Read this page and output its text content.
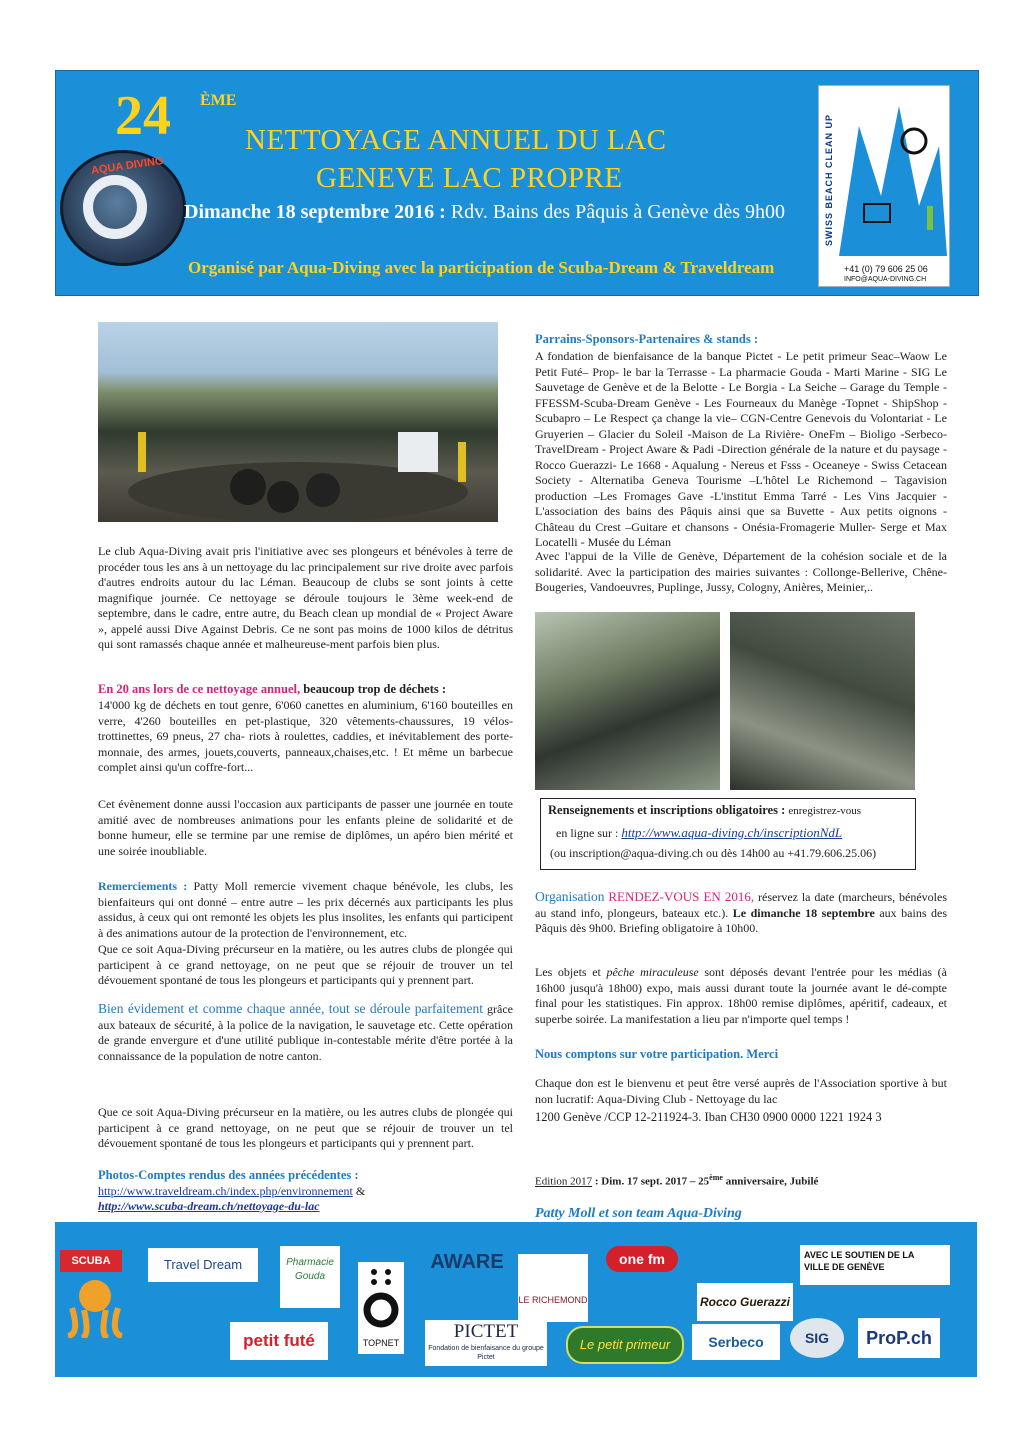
AQUA DIVING
24 ÈME
NETTOYAGE ANNUEL DU LAC
GENEVE LAC PROPRE
Dimanche 18 septembre 2016 : Rdv. Bains des Pâquis à Genève dès 9h00
Organisé par Aqua-Diving avec la participation de Scuba-Dream & Traveldream
SWISS BEACH CLEAN UP
+41 (0) 79 606 25 06
INFO@AQUA-DIVING.CH
Le club Aqua-Diving avait pris l'initiative avec ses plongeurs et bénévoles à terre de procéder tous les ans à un nettoyage du lac principalement sur rive droite avec parfois d'autres endroits autour du lac Léman. Beaucoup de clubs se sont joints à cette magnifique journée. Ce nettoyage se déroule toujours le 3ème week-end de septembre, dans le cadre, entre autre, du Beach clean up mondial de « Project Aware », appelé aussi Dive Against Debris. Ce ne sont pas moins de 1000 kilos de détritus qui sont ramassés chaque année et malheureuse-ment parfois bien plus.
En 20 ans lors de ce nettoyage annuel, beaucoup trop de déchets :
14'000 kg de déchets en tout genre, 6'060 canettes en aluminium, 6'160 bouteilles en verre, 4'260 bouteilles en pet-plastique, 320 vêtements-chaussures, 19 vélos-trottinettes, 69 pneus, 27 cha- riots à roulettes, caddies, et inévitablement des porte-monnaie, des armes, jouets,couverts, panneaux,chaises,etc. ! Et même un barbecue complet ainsi qu'un coffre-fort...
Cet évènement donne aussi l'occasion aux participants de passer une journée en toute amitié avec de nombreuses animations pour les enfants pleine de solidarité et de bonne humeur, elle se termine par une remise de diplômes, un apéro bien mérité et une soirée inoubliable.
Remerciements : Patty Moll remercie vivement chaque bénévole, les clubs, les bienfaiteurs qui ont donné – entre autre – les prix décernés aux participants les plus assidus, à ceux qui ont remonté les objets les plus insolites, les enfants qui participent à des animations autour de la protection de l'environnement, etc.
Que ce soit Aqua-Diving précurseur en la matière, ou les autres clubs de plongée qui participent à ce grand nettoyage, on ne peut que se réjouir de trouver un tel dévouement spontané de tous les plongeurs et participants qui y prennent part.
Bien évidement et comme chaque année, tout se déroule parfaitement grâce aux bateaux de sécurité, à la police de la navigation, le sauvetage etc. Cette opération de grande envergure et d'une utilité publique in-contestable mérite d'être portée à la connaissance de la population de notre canton.
Que ce soit Aqua-Diving précurseur en la matière, ou les autres clubs de plongée qui participent à ce grand nettoyage, on ne peut que se réjouir de trouver un tel dévouement spontané de tous les plongeurs et participants qui y prennent part.
Photos-Comptes rendus des années précédentes :
http://www.traveldream.ch/index.php/environnement &
http://www.scuba-dream.ch/nettoyage-du-lac
Parrains-Sponsors-Partenaires & stands :
A fondation de bienfaisance de la banque Pictet - Le petit primeur Seac–Waow Le Petit Futé– Prop- le bar la Terrasse - La pharmacie Gouda - Marti Marine - SIG Le Sauvetage de Genève et de la Belotte - Le Borgia - La Seiche – Garage du Temple -FFESSM-Scuba-Dream Genève - Les Fourneaux du Manège -Topnet - ShipShop - Scubapro – Le Respect ça change la vie– CGN-Centre Genevois du Volontariat - Le Gruyerien – Glacier du Soleil -Maison de La Rivière- OneFm – Bioligo -Serbeco- TravelDream - Project Aware & Padi -Direction générale de la nature et du paysage - Rocco Guerazzi- Le 1668 - Aqualung - Nereus et Fsss - Oceaneye - Swiss Cetacean Society - Alternatiba Geneva Tourisme –L'hôtel Le Richemond – Tagavision production –Les Fromages Gave -L'institut Emma Tarré - Les Vins Jacquier - L'association des bains des Pâquis ainsi que sa Buvette - Aux petits oignons - Château du Crest –Guitare et chansons - Onésia-Fromagerie Muller- Serge et Max Locatelli - Musée du Léman
Avec l'appui de la Ville de Genève, Département de la cohésion sociale et de la solidarité. Avec la participation des mairies suivantes : Collonge-Bellerive, Chêne-Bougeries, Vandoeuvres, Puplinge, Jussy, Cologny, Anières, Meinier,..
Renseignements et inscriptions obligatoires : enregistrez-vous
en ligne sur : http://www.aqua-diving.ch/inscriptionNdL
(ou inscription@aqua-diving.ch ou dès 14h00 au +41.79.606.25.06)
Organisation RENDEZ-VOUS EN 2016, réservez la date (marcheurs, bénévoles au stand info, plongeurs, bateaux etc.). Le dimanche 18 septembre aux bains des Pâquis dès 9h00. Briefing obligatoire à 10h00.
Les objets et pêche miraculeuse sont déposés devant l'entrée pour les médias (à 16h00 jusqu'à 18h00) expo, mais aussi durant toute la journée avant le dé-compte final pour les statistiques. Fin approx. 18h00 remise diplômes, apéritif, cadeaux, et superbe soirée. La manifestation a lieu par n'importe quel temps !
Nous comptons sur votre participation. Merci
Chaque don est le bienvenu et peut être versé auprès de l'Association sportive à but non lucratif: Aqua-Diving Club - Nettoyage du lac
1200 Genève /CCP 12-211924-3. Iban CH30 0900 0000 1221 1924 3
Edition 2017 : Dim. 17 sept. 2017 – 25ème anniversaire, Jubilé
Patty Moll et son team Aqua-Diving
SCUBA	Travel Dream	Pharmacie Gouda
TOPNET
AWARE
LE RICHEMOND
one fm
Rocco Guerazzi
AVEC LE SOUTIEN DE LA VILLE DE GENÈVE
petit futé	PICTET
Fondation de bienfaisance du groupe Pictet
Le petit primeur	Serbeco	SIG	ProP.ch
